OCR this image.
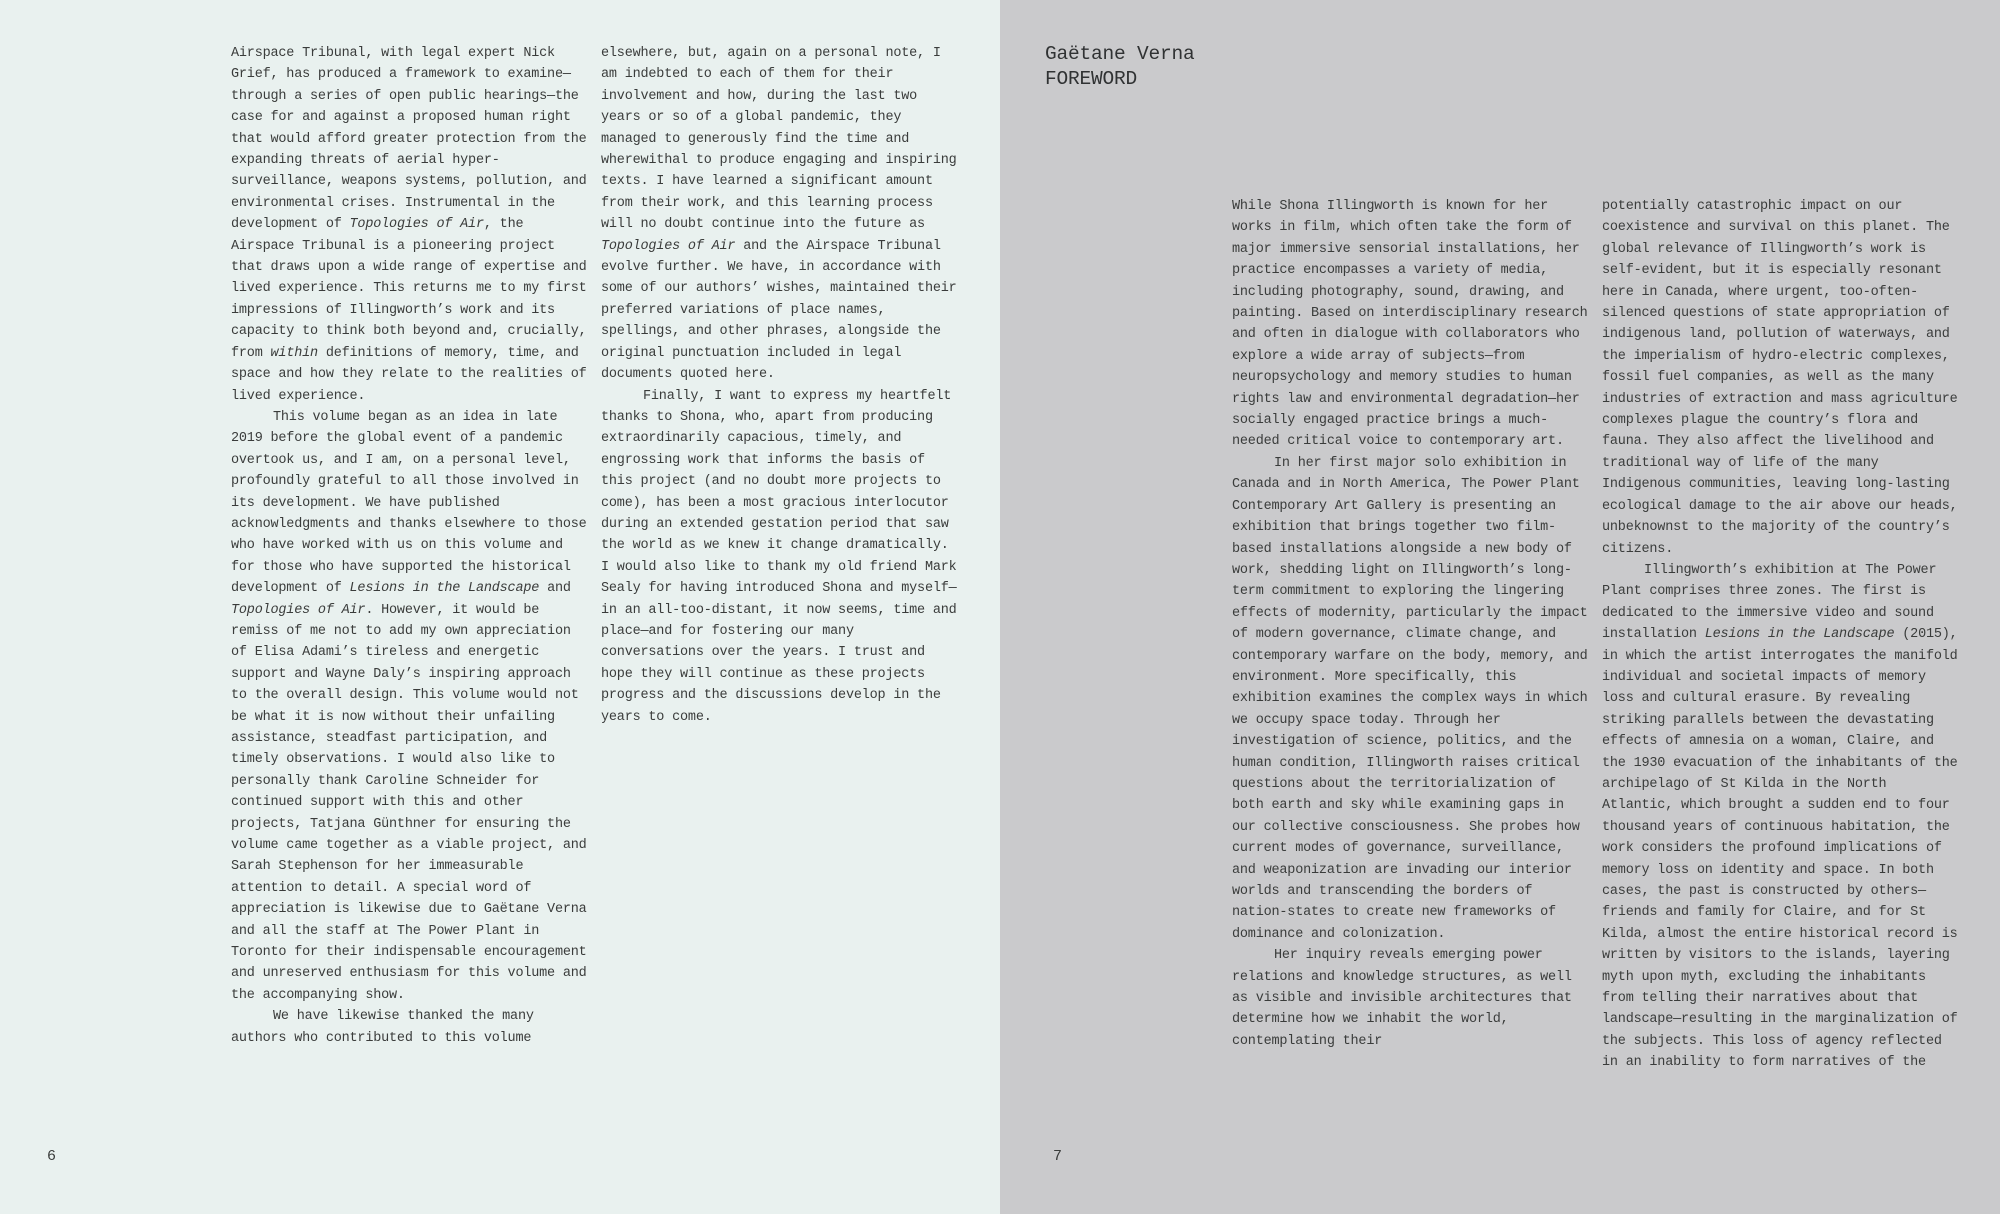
Airspace Tribunal, with legal expert Nick Grief, has produced a framework to examine—through a series of open public hearings—the case for and against a proposed human right that would afford greater protection from the expanding threats of aerial hyper-surveillance, weapons systems, pollution, and environmental crises. Instrumental in the development of Topologies of Air, the Airspace Tribunal is a pioneering project that draws upon a wide range of expertise and lived experience. This returns me to my first impressions of Illingworth’s work and its capacity to think both beyond and, crucially, from within definitions of memory, time, and space and how they relate to the realities of lived experience.

This volume began as an idea in late 2019 before the global event of a pandemic overtook us, and I am, on a personal level, profoundly grateful to all those involved in its development. We have published acknowledgments and thanks elsewhere to those who have worked with us on this volume and for those who have supported the historical development of Lesions in the Landscape and Topologies of Air. However, it would be remiss of me not to add my own appreciation of Elisa Adami’s tireless and energetic support and Wayne Daly’s inspiring approach to the overall design. This volume would not be what it is now without their unfailing assistance, steadfast participation, and timely observations. I would also like to personally thank Caroline Schneider for continued support with this and other projects, Tatjana Günthner for ensuring the volume came together as a viable project, and Sarah Stephenson for her immeasurable attention to detail. A special word of appreciation is likewise due to Gaëtane Verna and all the staff at The Power Plant in Toronto for their indispensable encouragement and unreserved enthusiasm for this volume and the accompanying show.

We have likewise thanked the many authors who contributed to this volume

elsewhere, but, again on a personal note, I am indebted to each of them for their involvement and how, during the last two years or so of a global pandemic, they managed to generously find the time and wherewithal to produce engaging and inspiring texts. I have learned a significant amount from their work, and this learning process will no doubt continue into the future as Topologies of Air and the Airspace Tribunal evolve further. We have, in accordance with some of our authors’ wishes, maintained their preferred variations of place names, spellings, and other phrases, alongside the original punctuation included in legal documents quoted here.

Finally, I want to express my heartfelt thanks to Shona, who, apart from producing extraordinarily capacious, timely, and engrossing work that informs the basis of this project (and no doubt more projects to come), has been a most gracious interlocutor during an extended gestation period that saw the world as we knew it change dramatically. I would also like to thank my old friend Mark Sealy for having introduced Shona and myself—in an all-too-distant, it now seems, time and place—and for fostering our many conversations over the years. I trust and hope they will continue as these projects progress and the discussions develop in the years to come.

6
Gaëtane Verna
FOREWORD

While Shona Illingworth is known for her works in film, which often take the form of major immersive sensorial installations, her practice encompasses a variety of media, including photography, sound, drawing, and painting. Based on interdisciplinary research and often in dialogue with collaborators who explore a wide array of subjects—from neuropsychology and memory studies to human rights law and environmental degradation—her socially engaged practice brings a much-needed critical voice to contemporary art.

In her first major solo exhibition in Canada and in North America, The Power Plant Contemporary Art Gallery is presenting an exhibition that brings together two film-based installations alongside a new body of work, shedding light on Illingworth’s long-term commitment to exploring the lingering effects of modernity, particularly the impact of modern governance, climate change, and contemporary warfare on the body, memory, and environment. More specifically, this exhibition examines the complex ways in which we occupy space today. Through her investigation of science, politics, and the human condition, Illingworth raises critical questions about the territorialization of both earth and sky while examining gaps in our collective consciousness. She probes how current modes of governance, surveillance, and weaponization are invading our interior worlds and transcending the borders of nation-states to create new frameworks of dominance and colonization.

Her inquiry reveals emerging power relations and knowledge structures, as well as visible and invisible architectures that determine how we inhabit the world, contemplating their

potentially catastrophic impact on our coexistence and survival on this planet. The global relevance of Illingworth’s work is self-evident, but it is especially resonant here in Canada, where urgent, too-often-silenced questions of state appropriation of indigenous land, pollution of waterways, and the imperialism of hydro-electric complexes, fossil fuel companies, as well as the many industries of extraction and mass agriculture complexes plague the country’s flora and fauna. They also affect the livelihood and traditional way of life of the many Indigenous communities, leaving long-lasting ecological damage to the air above our heads, unbeknownst to the majority of the country’s citizens.

Illingworth’s exhibition at The Power Plant comprises three zones. The first is dedicated to the immersive video and sound installation Lesions in the Landscape (2015), in which the artist interrogates the manifold individual and societal impacts of memory loss and cultural erasure. By revealing striking parallels between the devastating effects of amnesia on a woman, Claire, and the 1930 evacuation of the inhabitants of the archipelago of St Kilda in the North Atlantic, which brought a sudden end to four thousand years of continuous habitation, the work considers the profound implications of memory loss on identity and space. In both cases, the past is constructed by others—friends and family for Claire, and for St Kilda, almost the entire historical record is written by visitors to the islands, layering myth upon myth, excluding the inhabitants from telling their narratives about that landscape—resulting in the marginalization of the subjects. This loss of agency reflected in an inability to form narratives of the

7
